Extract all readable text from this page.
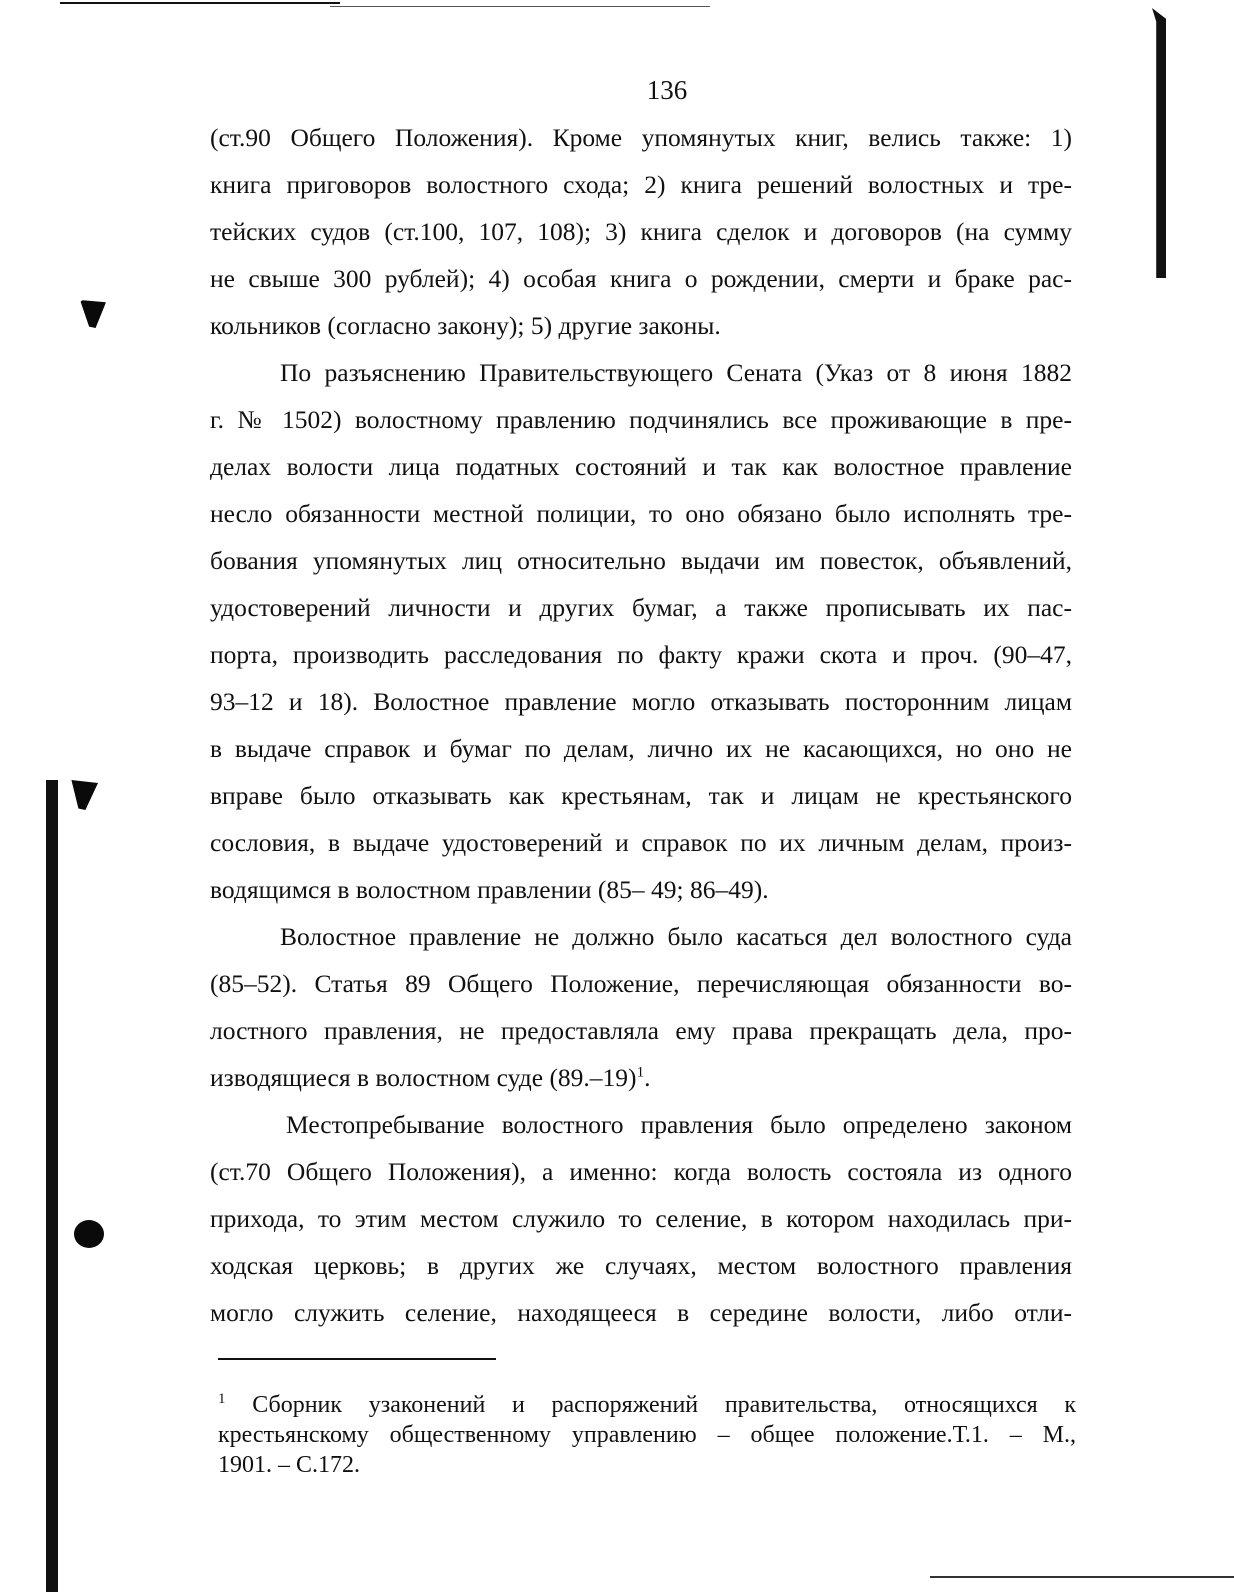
136

(ст.90 Общего Положения). Кроме упомянутых книг, велись также: 1)
книга приговоров волостного схода; 2) книга решений волостных и тре-
тейских судов (ст.100, 107, 108); 3) книга сделок и договоров (на сумму
не свыше 300 рублей); 4) особая книга о рождении, смерти и браке рас-
кольников (согласно закону); 5) другие законы.

По разъяснению Правительствующего Сената (Указ от 8 июня 1882
г. № 1502) волостному правлению подчинялись все проживающие в пре-
делах волости лица податных состояний и так как волостное правление
несло обязанности местной полиции, то оно обязано было исполнять тре-
бования упомянутых лиц относительно выдачи им повесток, объявлений,
удостоверений личности и других бумаг, а также прописывать их пас-
порта, производить расследования по факту кражи скота и проч. (90–47,
93–12 и 18). Волостное правление могло отказывать посторонним лицам
в выдаче справок и бумаг по делам, лично их не касающихся, но оно не
вправе было отказывать как крестьянам, так и лицам не крестьянского
сословия, в выдаче удостоверений и справок по их личным делам, произ-
водящимся в волостном правлении (85– 49; 86–49).

Волостное правление не должно было касаться дел волостного суда
(85–52). Статья 89 Общего Положение, перечисляющая обязанности во-
лостного правления, не предоставляла ему права прекращать дела, про-
изводящиеся в волостном суде $(89.-19)^1$.

Местопребывание волостного правления было определено законом
(ст.70 Общего Положения), а именно: когда волость состояла из одного
прихода, то этим местом служило то селение, в котором находилась при-
ходская церковь; в других же случаях, местом волостного правления
могло служить селение, находящееся в середине волости, либо отли-

$^1$ Сборник узаконений и распоряжений правительства, относящихся к
крестьянскому общественному управлению – общее положение.Т.1. – М.,
1901. – С.172.
